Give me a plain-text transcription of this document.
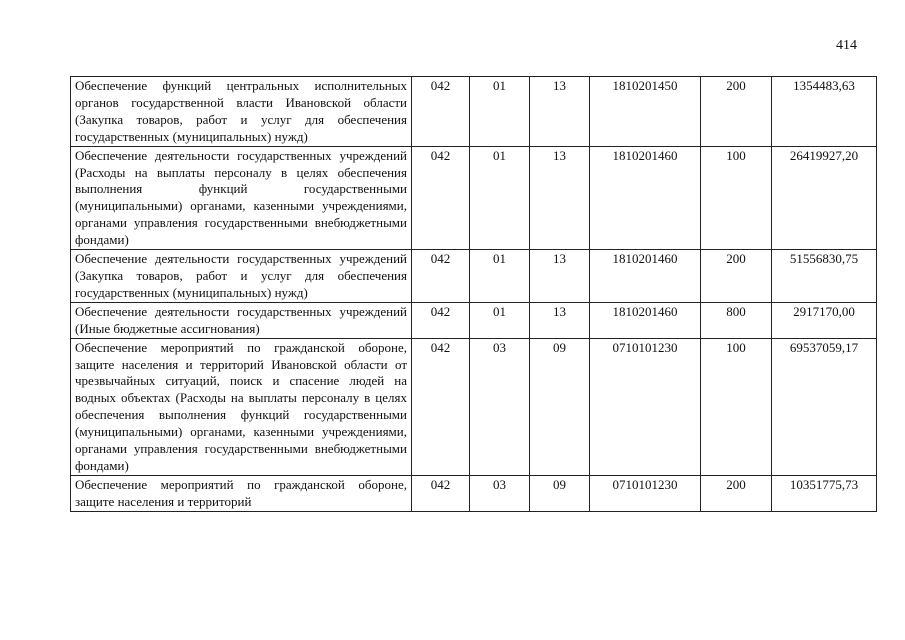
414
Обеспечение функций центральных исполнительных органов государственной власти Ивановской области (Закупка товаров, работ и услуг для обеспечения государственных (муниципальных) нужд)	042	01	13	1810201450	200	1354483,63
Обеспечение деятельности государственных учреждений (Расходы на выплаты персоналу в целях обеспечения выполнения функций государственными (муниципальными) органами, казенными учреждениями, органами управления государственными внебюджетными фондами)	042	01	13	1810201460	100	26419927,20
Обеспечение деятельности государственных учреждений (Закупка товаров, работ и услуг для обеспечения государственных (муниципальных) нужд)	042	01	13	1810201460	200	51556830,75
Обеспечение деятельности государственных учреждений (Иные бюджетные ассигнования)	042	01	13	1810201460	800	2917170,00
Обеспечение мероприятий по гражданской обороне, защите населения и территорий Ивановской области от чрезвычайных ситуаций, поиск и спасение людей на водных объектах (Расходы на выплаты персоналу в целях обеспечения выполнения функций государственными (муниципальными) органами, казенными учреждениями, органами управления государственными внебюджетными фондами)	042	03	09	0710101230	100	69537059,17
Обеспечение мероприятий по гражданской обороне, защите населения и территорий	042	03	09	0710101230	200	10351775,73
